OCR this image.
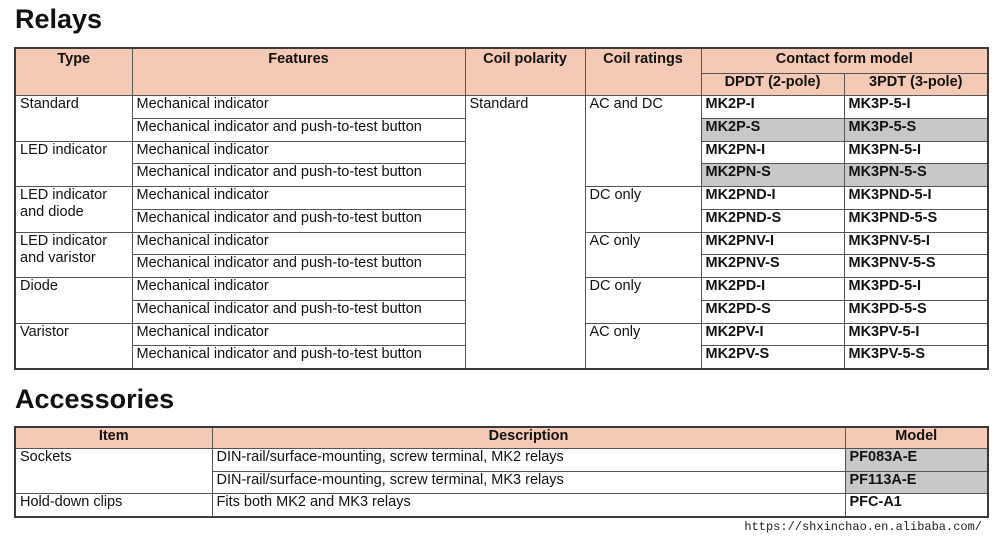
Relays
Type	Features	Coil polarity	Coil ratings	Contact form model	
				DPDT (2-pole)	3PDT (3-pole)
Standard	Mechanical indicator	Standard	AC and DC	MK2P-I	MK3P-5-I
	Mechanical indicator and push-to-test button			MK2P-S	MK3P-5-S
LED indicator	Mechanical indicator			MK2PN-I	MK3PN-5-I
	Mechanical indicator and push-to-test button			MK2PN-S	MK3PN-5-S
LED indicator and diode	Mechanical indicator		DC only	MK2PND-I	MK3PND-5-I
	Mechanical indicator and push-to-test button			MK2PND-S	MK3PND-5-S
LED indicator and varistor	Mechanical indicator		AC only	MK2PNV-I	MK3PNV-5-I
	Mechanical indicator and push-to-test button			MK2PNV-S	MK3PNV-5-S
Diode	Mechanical indicator		DC only	MK2PD-I	MK3PD-5-I
	Mechanical indicator and push-to-test button			MK2PD-S	MK3PD-5-S
Varistor	Mechanical indicator		AC only	MK2PV-I	MK3PV-5-I
	Mechanical indicator and push-to-test button			MK2PV-S	MK3PV-5-S
Accessories
Item	Description	Model
Sockets	DIN-rail/surface-mounting, screw terminal, MK2 relays	PF083A-E
	DIN-rail/surface-mounting, screw terminal, MK3 relays	PF113A-E
Hold-down clips	Fits both MK2 and MK3 relays	PFC-A1

https://shxinchao.en.alibaba.com/
